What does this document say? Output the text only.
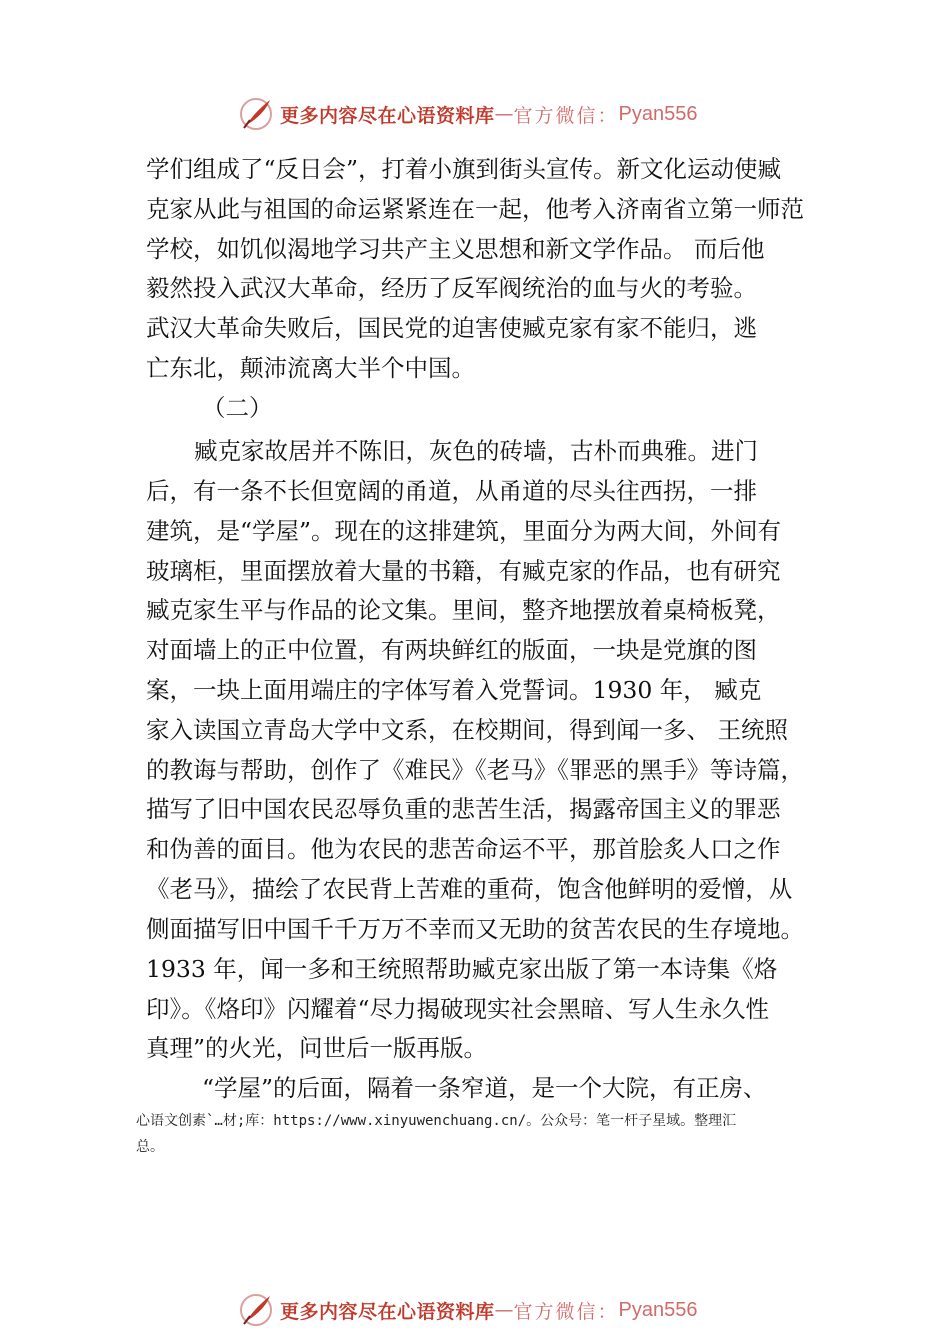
更多内容尽在心语资料库 — 官方微信： Pyan556
学们组成了“反日会”，打着小旗到街头宣传。新文化运动使臧
克家从此与祖国的命运紧紧连在一起，他考入济南省立第一师范
学校，如饥似渴地学习共产主义思想和新文学作品。 而后他
毅然投入武汉大革命，经历了反军阀统治的血与火的考验。
武汉大革命失败后，国民党的迫害使臧克家有家不能归，逃
亡东北，颠沛流离大半个中国。
（二）
臧克家故居并不陈旧，灰色的砖墙，古朴而典雅。进门
后，有一条不长但宽阔的甬道，从甬道的尽头往西拐，一排
建筑，是“学屋”。现在的这排建筑，里面分为两大间，外间有
玻璃柜，里面摆放着大量的书籍，有臧克家的作品，也有研究
臧克家生平与作品的论文集。里间，整齐地摆放着桌椅板凳，
对面墙上的正中位置，有两块鲜红的版面，一块是党旗的图
案，一块上面用端庄的字体写着入党誓词。1930 年， 臧克
家入读国立青岛大学中文系，在校期间，得到闻一多、 王统照
的教诲与帮助，创作了《难民》《老马》《罪恶的黑手》等诗篇，
描写了旧中国农民忍辱负重的悲苦生活，揭露帝国主义的罪恶
和伪善的面目。他为农民的悲苦命运不平，那首脍炙人口之作
《老马》，描绘了农民背上苦难的重荷，饱含他鲜明的爱憎，从
侧面描写旧中国千千万万不幸而又无助的贫苦农民的生存境地。
1933 年，闻一多和王统照帮助臧克家出版了第一本诗集《烙
印》。《烙印》闪耀着“尽力揭破现实社会黑暗、写人生永久性
真理”的火光，问世后一版再版。
“学屋”的后面，隔着一条窄道，是一个大院，有正房、
心语文创素`…材;库：https://www.xinyuwenchuang.cn/。公众号：笔一杆子星域。整理汇
总。
更多内容尽在心语资料库 — 官方微信： Pyan556
